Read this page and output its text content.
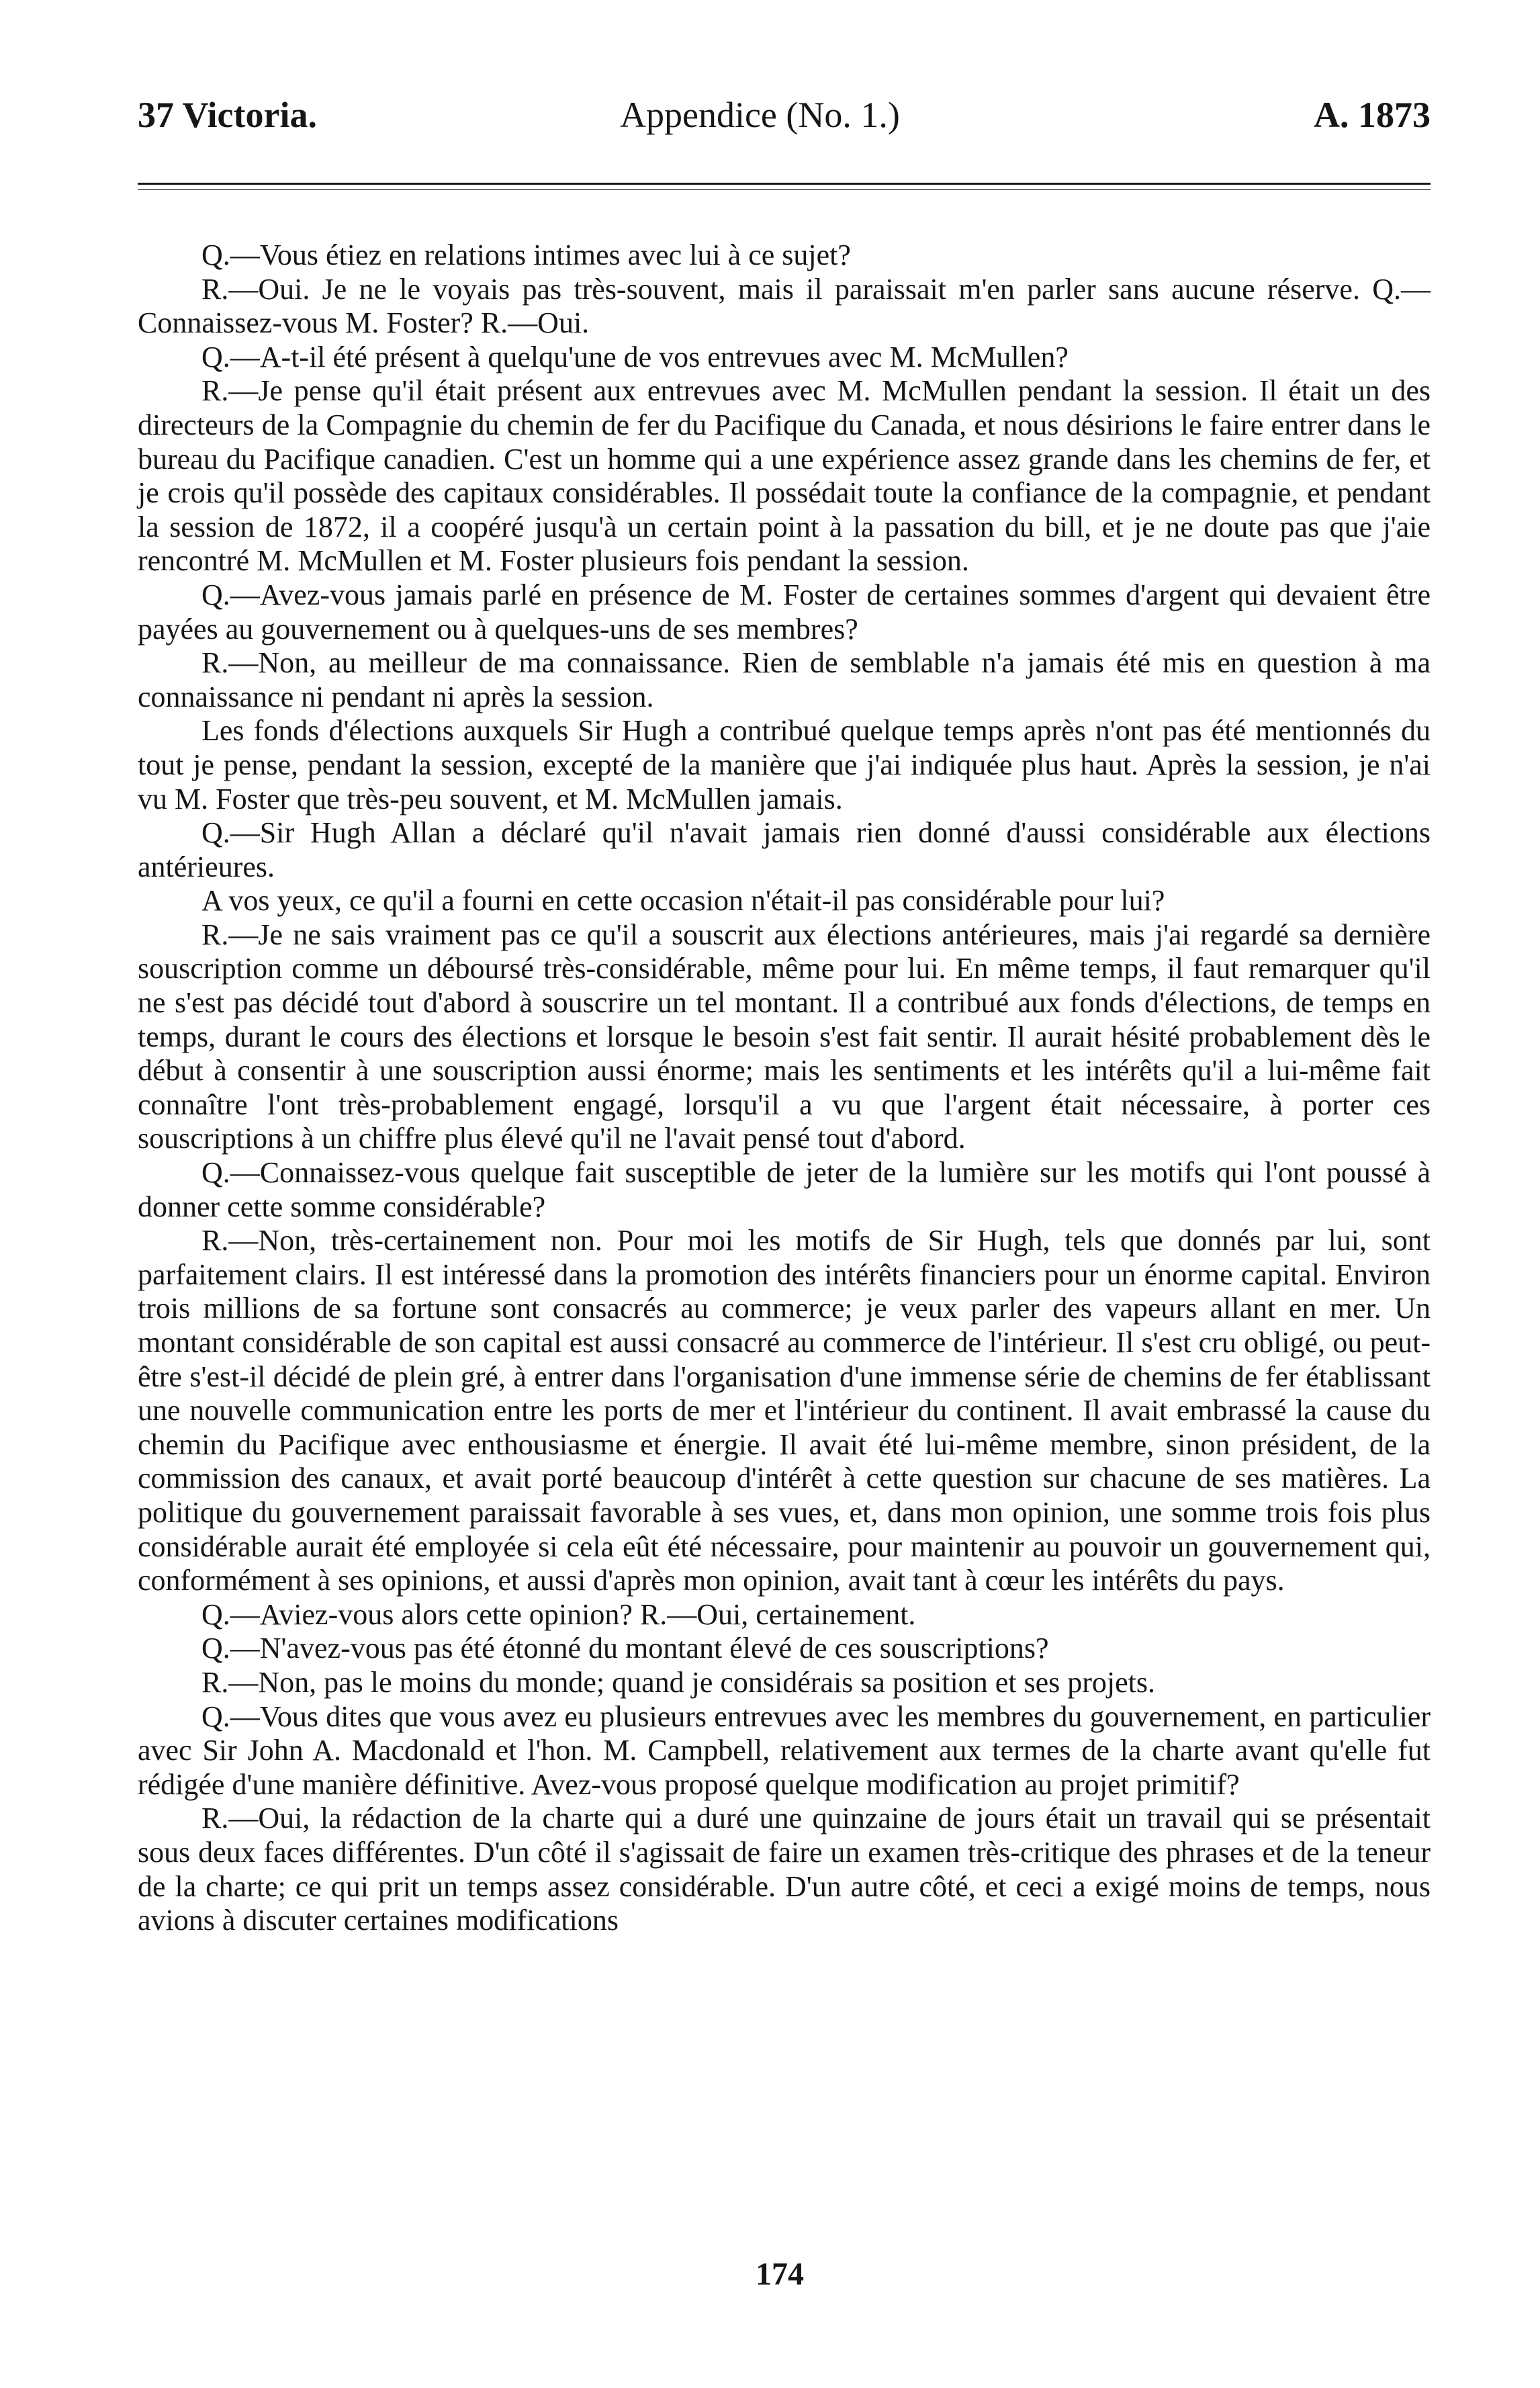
37 Victoria.	Appendice (No. 1.)	A. 1873

Q.—Vous étiez en relations intimes avec lui à ce sujet?

R.—Oui. Je ne le voyais pas très-souvent, mais il paraissait m'en parler sans aucune réserve. Q.—Connaissez-vous M. Foster? R.—Oui.

Q.—A-t-il été présent à quelqu'une de vos entrevues avec M. McMullen?

R.—Je pense qu'il était présent aux entrevues avec M. McMullen pendant la session. Il était un des directeurs de la Compagnie du chemin de fer du Pacifique du Canada, et nous désirions le faire entrer dans le bureau du Pacifique canadien. C'est un homme qui a une expérience assez grande dans les chemins de fer, et je crois qu'il possède des capitaux considérables. Il possédait toute la confiance de la compagnie, et pendant la session de 1872, il a coopéré jusqu'à un certain point à la passation du bill, et je ne doute pas que j'aie rencontré M. McMullen et M. Foster plusieurs fois pendant la session.

Q.—Avez-vous jamais parlé en présence de M. Foster de certaines sommes d'argent qui devaient être payées au gouvernement ou à quelques-uns de ses membres?

R.—Non, au meilleur de ma connaissance. Rien de semblable n'a jamais été mis en question à ma connaissance ni pendant ni après la session.

Les fonds d'élections auxquels Sir Hugh a contribué quelque temps après n'ont pas été mentionnés du tout je pense, pendant la session, excepté de la manière que j'ai indiquée plus haut. Après la session, je n'ai vu M. Foster que très-peu souvent, et M. McMullen jamais.

Q.—Sir Hugh Allan a déclaré qu'il n'avait jamais rien donné d'aussi considérable aux élections antérieures.

A vos yeux, ce qu'il a fourni en cette occasion n'était-il pas considérable pour lui?

R.—Je ne sais vraiment pas ce qu'il a souscrit aux élections antérieures, mais j'ai regardé sa dernière souscription comme un déboursé très-considérable, même pour lui. En même temps, il faut remarquer qu'il ne s'est pas décidé tout d'abord à souscrire un tel montant. Il a contribué aux fonds d'élections, de temps en temps, durant le cours des élections et lorsque le besoin s'est fait sentir. Il aurait hésité probablement dès le début à consentir à une souscription aussi énorme; mais les sentiments et les intérêts qu'il a lui-même fait connaître l'ont très-probablement engagé, lorsqu'il a vu que l'argent était nécessaire, à porter ces souscriptions à un chiffre plus élevé qu'il ne l'avait pensé tout d'abord.

Q.—Connaissez-vous quelque fait susceptible de jeter de la lumière sur les motifs qui l'ont poussé à donner cette somme considérable?

R.—Non, très-certainement non. Pour moi les motifs de Sir Hugh, tels que donnés par lui, sont parfaitement clairs. Il est intéressé dans la promotion des intérêts financiers pour un énorme capital. Environ trois millions de sa fortune sont consacrés au commerce; je veux parler des vapeurs allant en mer. Un montant considérable de son capital est aussi consacré au commerce de l'intérieur. Il s'est cru obligé, ou peut-être s'est-il décidé de plein gré, à entrer dans l'organisation d'une immense série de chemins de fer établissant une nouvelle communication entre les ports de mer et l'intérieur du continent. Il avait embrassé la cause du chemin du Pacifique avec enthousiasme et énergie. Il avait été lui-même membre, sinon président, de la commission des canaux, et avait porté beaucoup d'intérêt à cette question sur chacune de ses matières. La politique du gouvernement paraissait favorable à ses vues, et, dans mon opinion, une somme trois fois plus considérable aurait été employée si cela eût été nécessaire, pour maintenir au pouvoir un gouvernement qui, conformément à ses opinions, et aussi d'après mon opinion, avait tant à cœur les intérêts du pays.

Q.—Aviez-vous alors cette opinion? R.—Oui, certainement.

Q.—N'avez-vous pas été étonné du montant élevé de ces souscriptions?

R.—Non, pas le moins du monde; quand je considérais sa position et ses projets.

Q.—Vous dites que vous avez eu plusieurs entrevues avec les membres du gouvernement, en particulier avec Sir John A. Macdonald et l'hon. M. Campbell, relativement aux termes de la charte avant qu'elle fut rédigée d'une manière définitive. Avez-vous proposé quelque modification au projet primitif?

R.—Oui, la rédaction de la charte qui a duré une quinzaine de jours était un travail qui se présentait sous deux faces différentes. D'un côté il s'agissait de faire un examen très-critique des phrases et de la teneur de la charte; ce qui prit un temps assez considérable. D'un autre côté, et ceci a exigé moins de temps, nous avions à discuter certaines modifications

174
